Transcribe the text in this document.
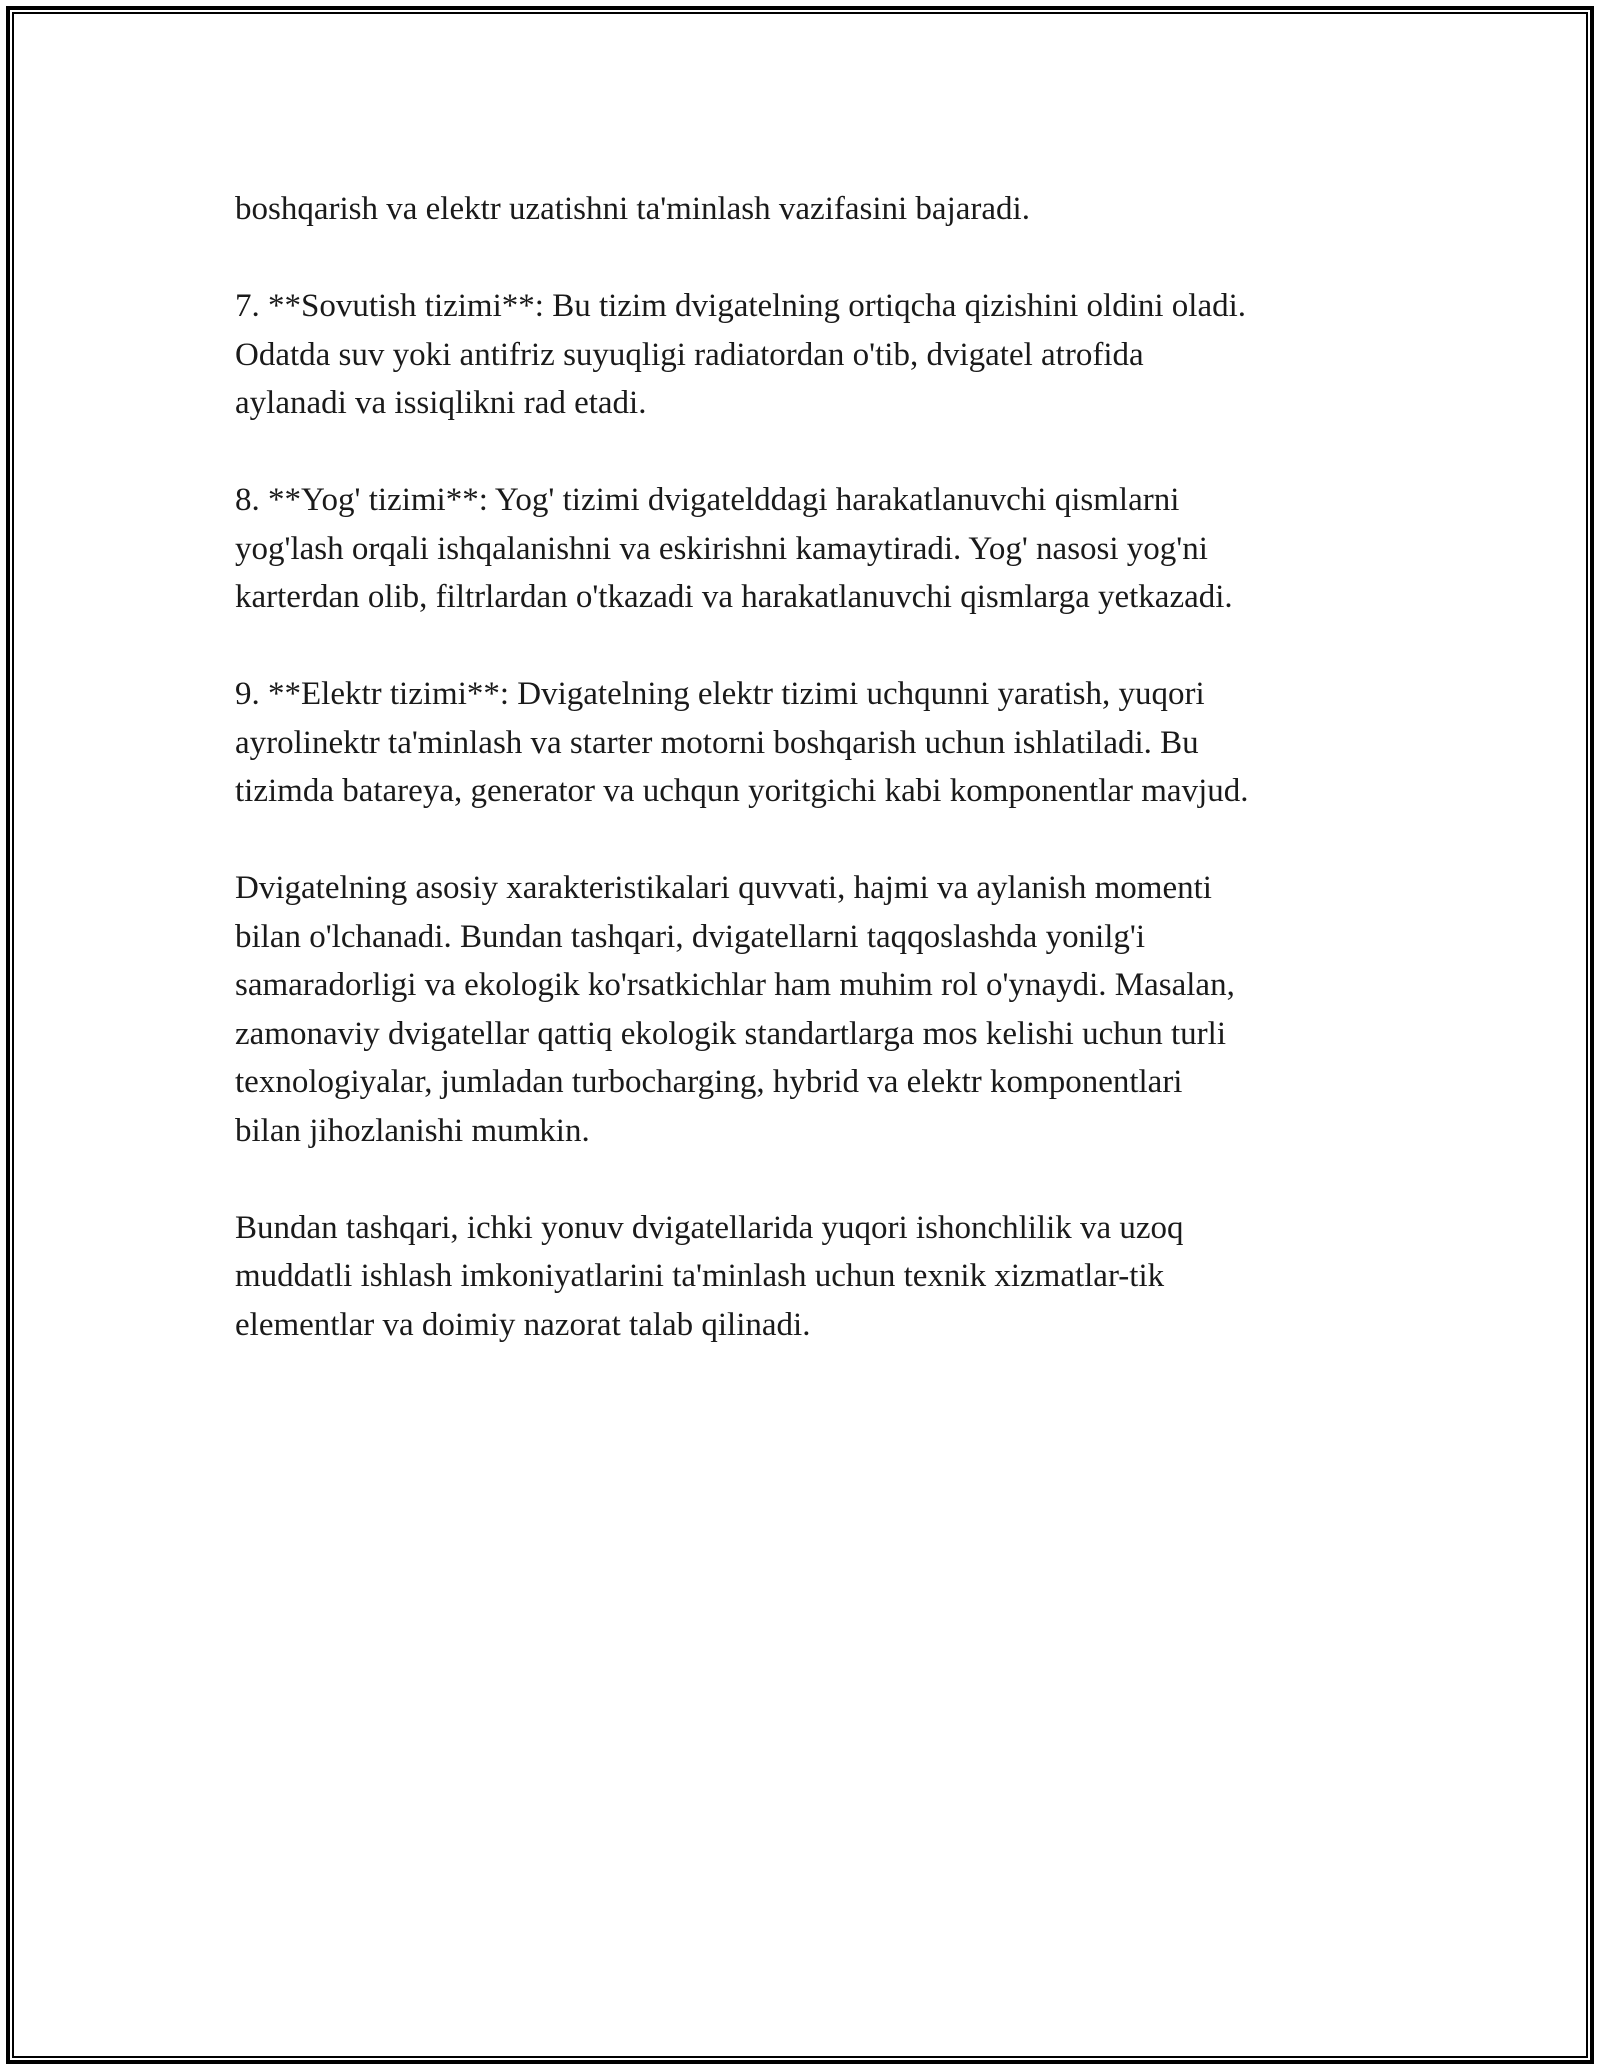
boshqarish va elektr uzatishni ta'minlash vazifasini bajaradi.

7. **Sovutish tizimi**: Bu tizim dvigatelning ortiqcha qizishini oldini oladi.
Odatda suv yoki antifriz suyuqligi radiatordan o'tib, dvigatel atrofida
aylanadi va issiqlikni rad etadi.

8. **Yog' tizimi**: Yog' tizimi dvigatelddagi harakatlanuvchi qismlarni
yog'lash orqali ishqalanishni va eskirishni kamaytiradi. Yog' nasosi yog'ni
karterdan olib, filtrlardan o'tkazadi va harakatlanuvchi qismlarga yetkazadi.

9. **Elektr tizimi**: Dvigatelning elektr tizimi uchqunni yaratish, yuqori
ayrolinektr ta'minlash va starter motorni boshqarish uchun ishlatiladi. Bu
tizimda batareya, generator va uchqun yoritgichi kabi komponentlar mavjud.

Dvigatelning asosiy xarakteristikalari quvvati, hajmi va aylanish momenti
bilan o'lchanadi. Bundan tashqari, dvigatellarni taqqoslashda yonilg'i
samaradorligi va ekologik ko'rsatkichlar ham muhim rol o'ynaydi. Masalan,
zamonaviy dvigatellar qattiq ekologik standartlarga mos kelishi uchun turli
texnologiyalar, jumladan turbocharging, hybrid va elektr komponentlari
bilan jihozlanishi mumkin.

Bundan tashqari, ichki yonuv dvigatellarida yuqori ishonchlilik va uzoq
muddatli ishlash imkoniyatlarini ta'minlash uchun texnik xizmatlar-tik
elementlar va doimiy nazorat talab qilinadi.
